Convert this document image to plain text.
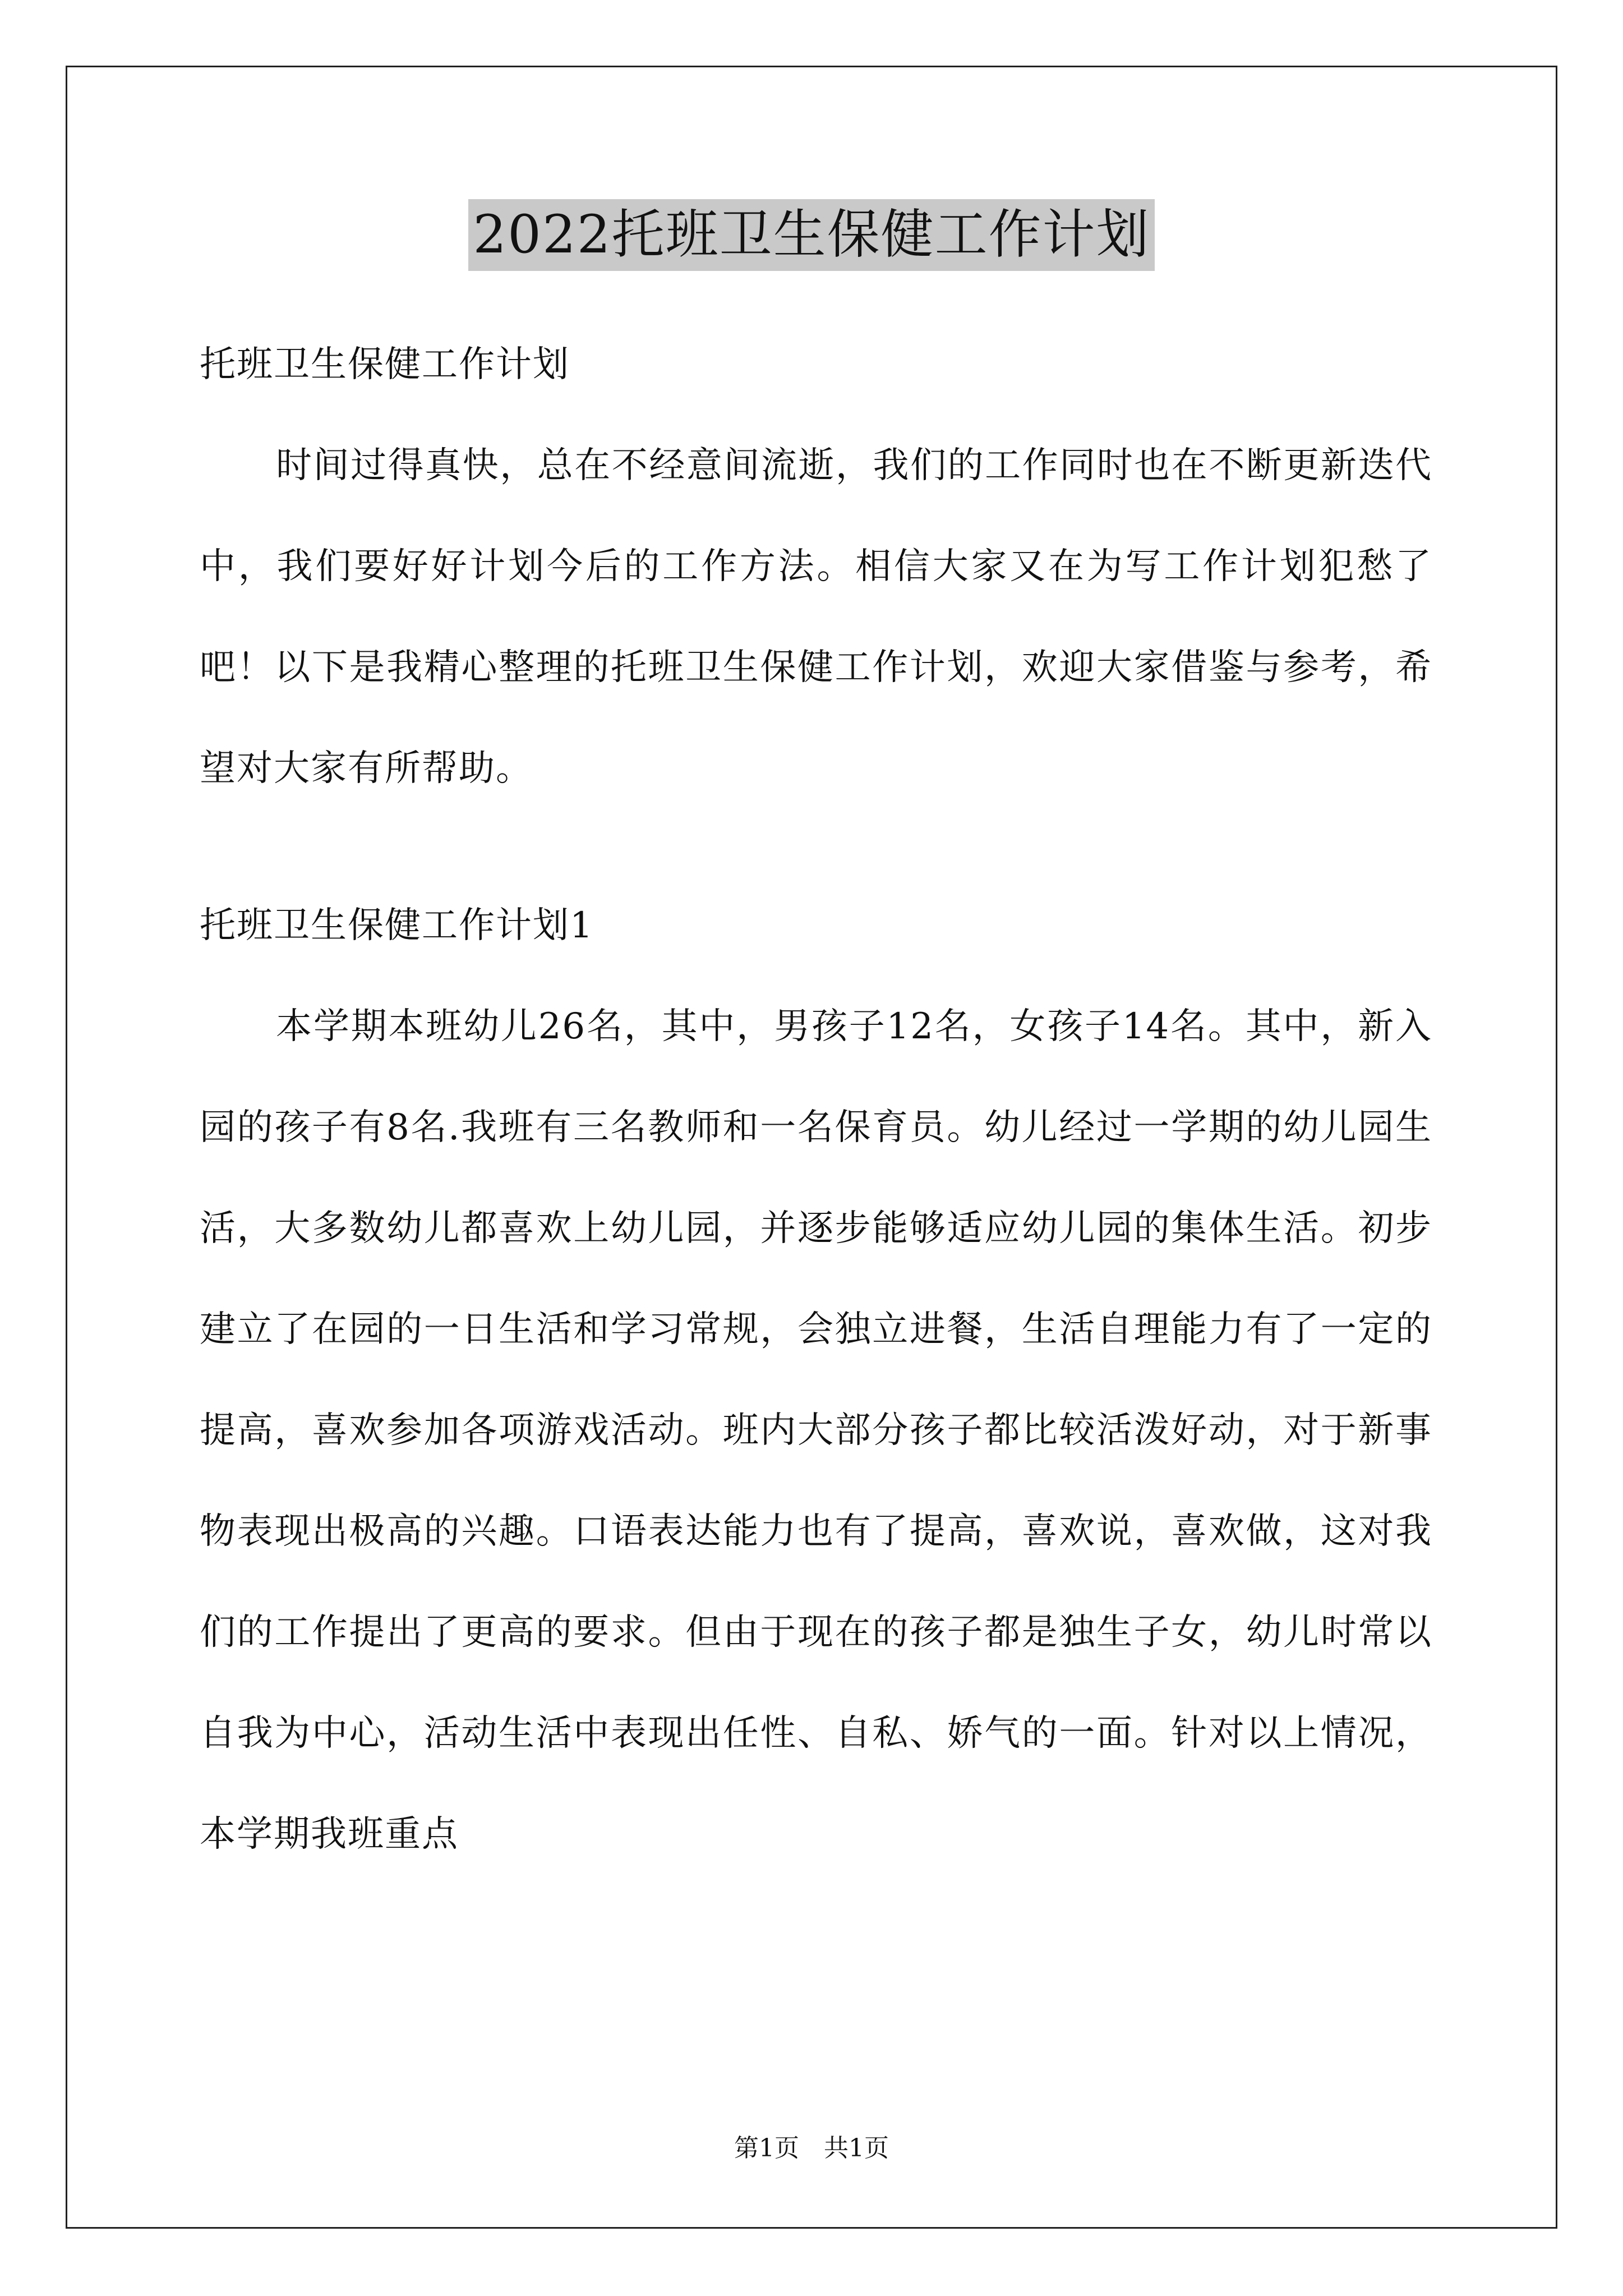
2022托班卫生保健工作计划

托班卫生保健工作计划

时间过得真快，总在不经意间流逝，我们的工作同时也在不断更新迭代中，我们要好好计划今后的工作方法。相信大家又在为写工作计划犯愁了吧！以下是我精心整理的托班卫生保健工作计划，欢迎大家借鉴与参考，希望对大家有所帮助。

托班卫生保健工作计划1

本学期本班幼儿26名，其中，男孩子12名，女孩子14名。其中，新入园的孩子有8名.我班有三名教师和一名保育员。幼儿经过一学期的幼儿园生活，大多数幼儿都喜欢上幼儿园，并逐步能够适应幼儿园的集体生活。初步建立了在园的一日生活和学习常规，会独立进餐，生活自理能力有了一定的提高，喜欢参加各项游戏活动。班内大部分孩子都比较活泼好动，对于新事物表现出极高的兴趣。口语表达能力也有了提高，喜欢说，喜欢做，这对我们的工作提出了更高的要求。但由于现在的孩子都是独生子女，幼儿时常以自我为中心，活动生活中表现出任性、自私、娇气的一面。针对以上情况，本学期我班重点

第1页　共1页
